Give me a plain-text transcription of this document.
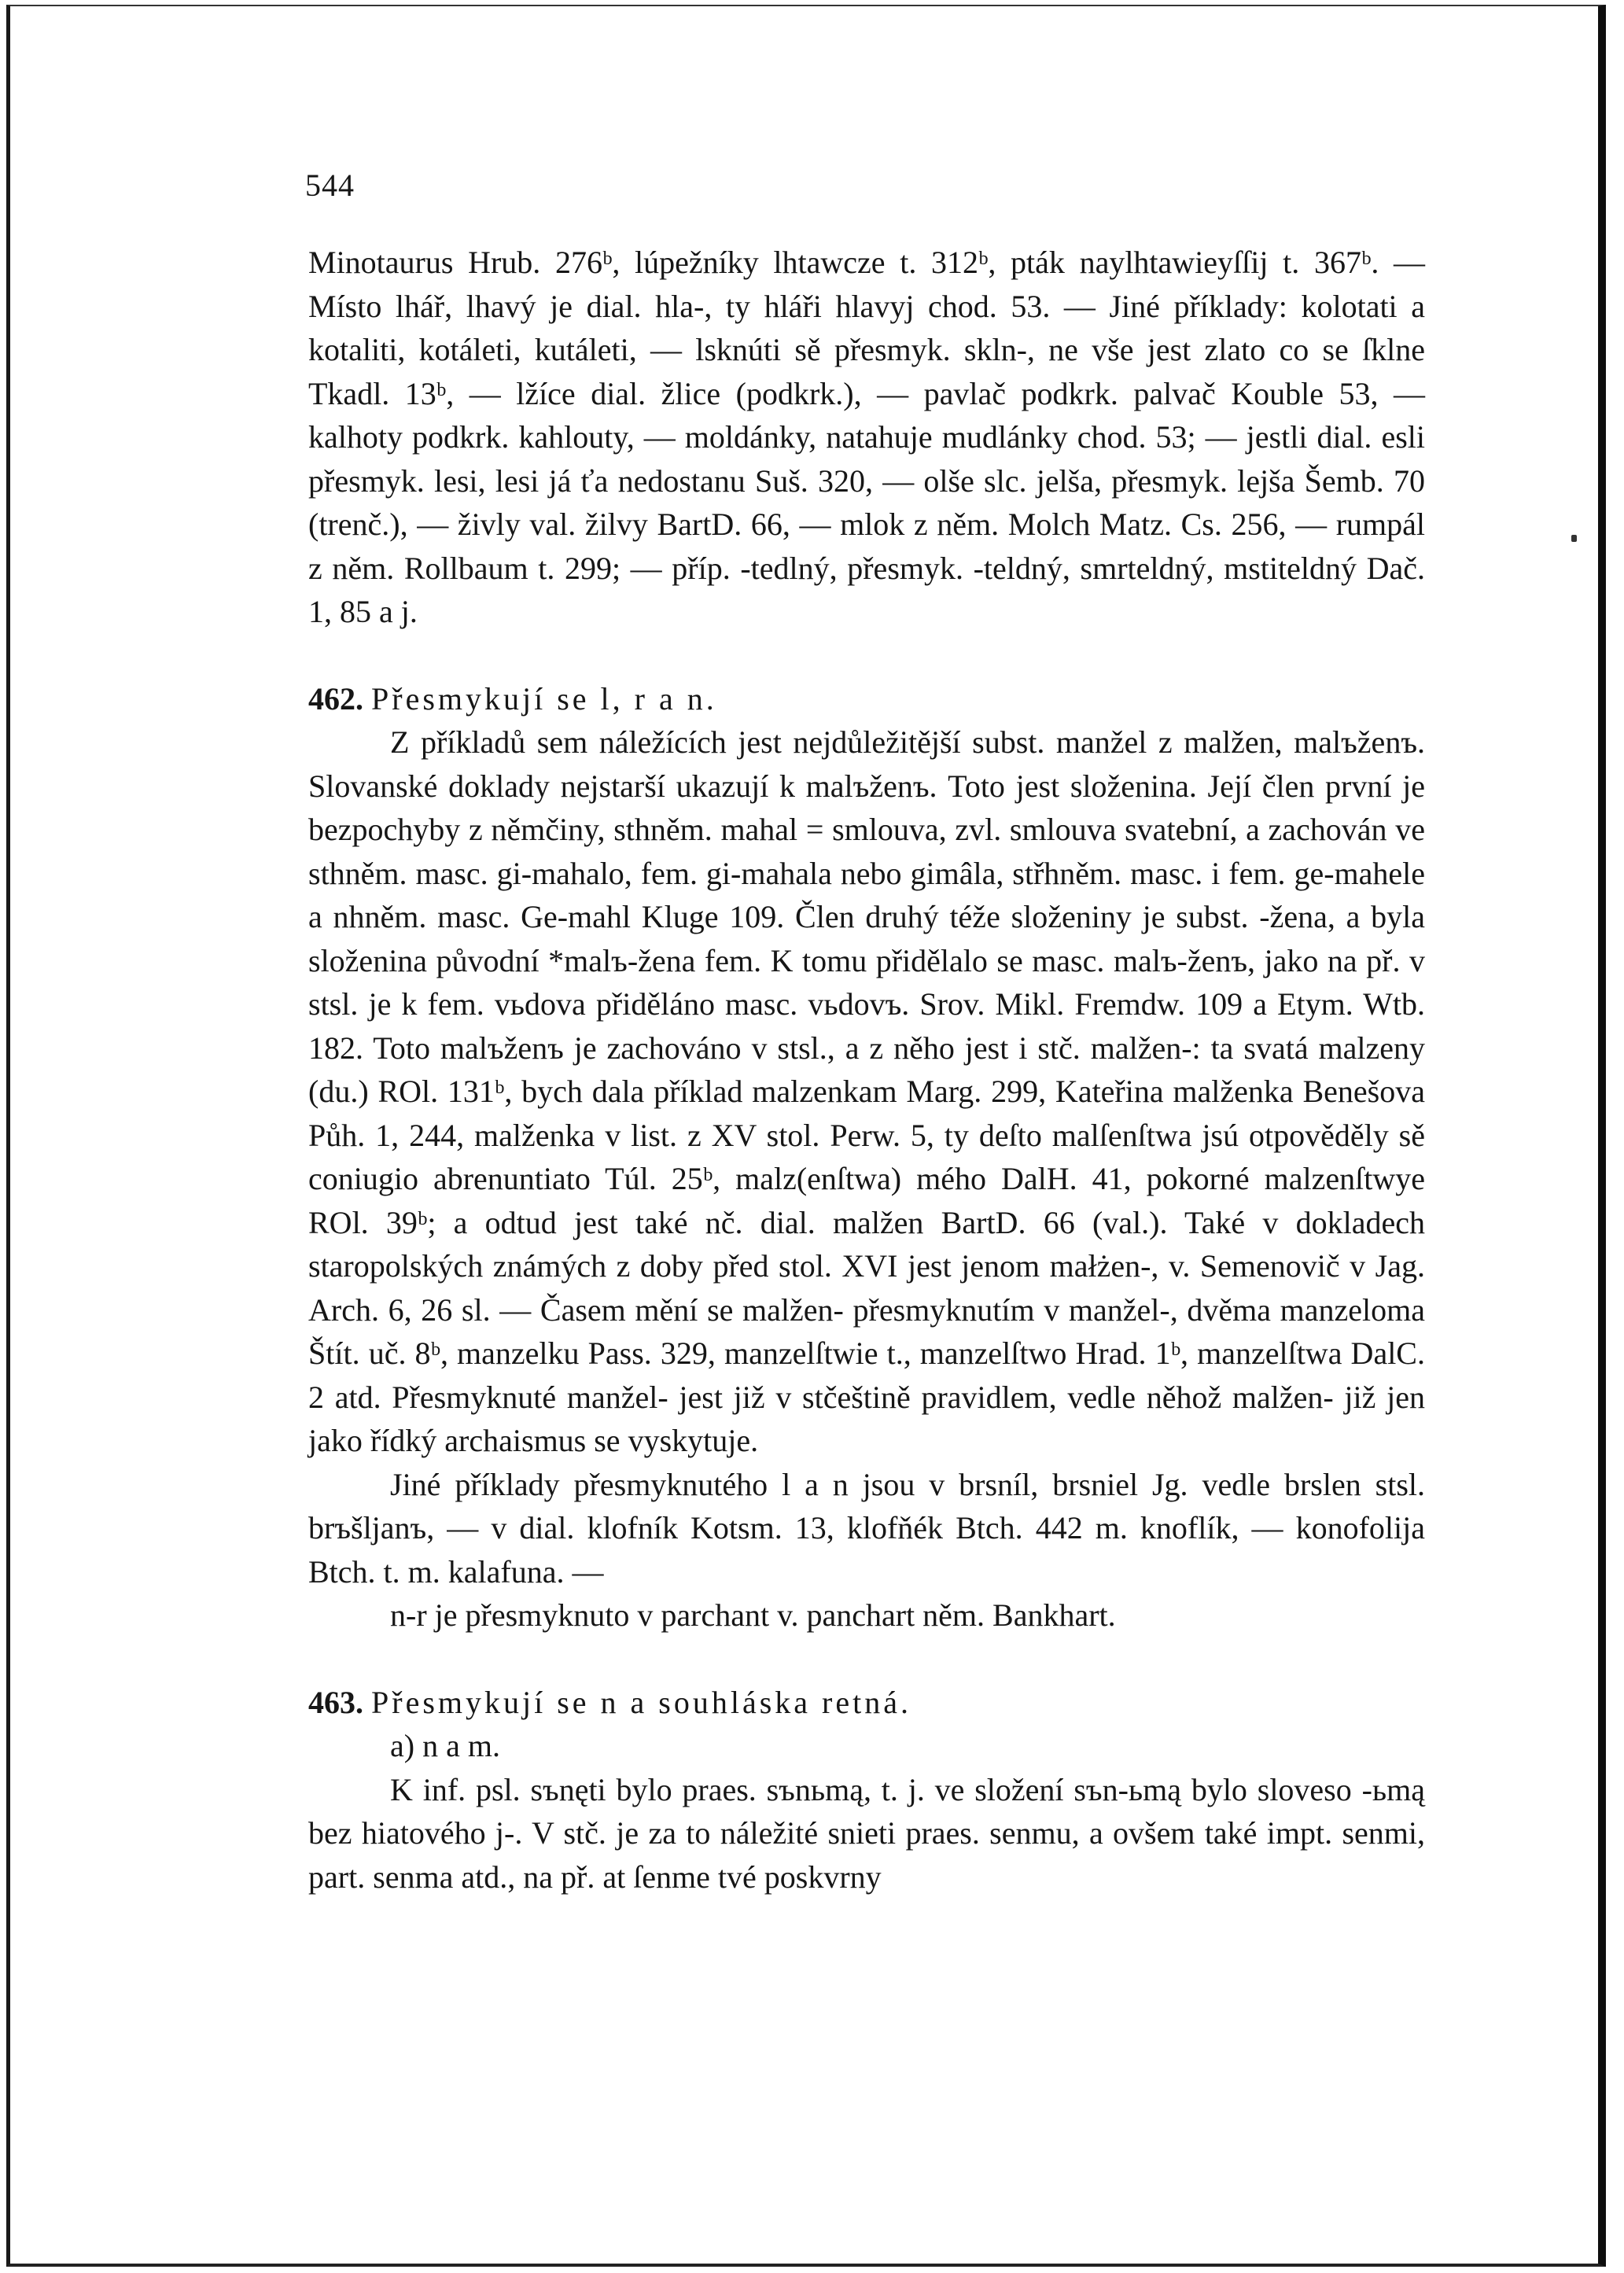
544

Minotaurus Hrub. 276ᵇ, lúpežníky lhtawcze t. 312ᵇ, pták naylhtawieyſſij t. 367ᵇ. — Místo lhář, lhavý je dial. hla-, ty hláři hlavyj chod. 53. — Jiné příklady: kolotati a kotaliti, kotáleti, kutáleti, — lsknúti sě přesmyk. skln-, ne vše jest zlato co se ſklne Tkadl. 13ᵇ, — lžíce dial. žlice (podkrk.), — pavlač podkrk. palvač Kouble 53, — kalhoty podkrk. kahlouty, — moldánky, natahuje mudlánky chod. 53; — jestli dial. esli přesmyk. lesi, lesi já ťa nedostanu Suš. 320, — olše slc. jelša, přesmyk. lejša Šemb. 70 (trenč.), — živly val. žilvy BartD. 66, — mlok z něm. Molch Matz. Cs. 256, — rumpál z něm. Rollbaum t. 299; — příp. -tedlný, přesmyk. -teldný, smrteldný, mstiteldný Dač. 1, 85 a j.

462. Přesmykují se l, r a n.

Z příkladů sem náležících jest nejdůležitější subst. manžel z malžen, malъženъ. Slovanské doklady nejstarší ukazují k malъženъ. Toto jest složenina. Její člen první je bezpochyby z němčiny, sthněm. mahal = smlouva, zvl. smlouva svatební, a zachován ve sthněm. masc. gi-mahalo, fem. gi-mahala nebo gimâla, střhněm. masc. i fem. ge-mahele a nhněm. masc. Ge-mahl Kluge 109. Člen druhý téže složeniny je subst. -žena, a byla složenina původní *malъ-žena fem. K tomu přidělalo se masc. malъ-ženъ, jako na př. v stsl. je k fem. vьdova přiděláno masc. vьdovъ. Srov. Mikl. Fremdw. 109 a Etym. Wtb. 182. Toto malъženъ je zachováno v stsl., a z něho jest i stč. malžen-: ta svatá malzeny (du.) ROl. 131ᵇ, bych dala příklad malzenkam Marg. 299, Kateřina malženka Benešova Půh. 1, 244, malženka v list. z XV stol. Perw. 5, ty deſto malſenſtwa jsú otpověděly sě coniugio abrenuntiato Túl. 25ᵇ, malz(enſtwa) mého DalH. 41, pokorné malzenſtwye ROl. 39ᵇ; a odtud jest také nč. dial. malžen BartD. 66 (val.). Také v dokladech staropolských známých z doby před stol. XVI jest jenom małżen-, v. Semenovič v Jag. Arch. 6, 26 sl. — Časem mění se malžen- přesmyknutím v manžel-, dvěma manzeloma Štít. uč. 8ᵇ, manzelku Pass. 329, manzelſtwie t., manzelſtwo Hrad. 1ᵇ, manzelſtwa DalC. 2 atd. Přesmyknuté manžel- jest již v stčeštině pravidlem, vedle něhož malžen- již jen jako řídký archaismus se vyskytuje.

Jiné příklady přesmyknutého l a n jsou v brsníl, brsniel Jg. vedle brslen stsl. brъšljanъ, — v dial. klofník Kotsm. 13, klofňék Btch. 442 m. knoflík, — konofolija Btch. t. m. kalafuna. —

n-r je přesmyknuto v parchant v. panchart něm. Bankhart.

463. Přesmykují se n a souhláska retná.

a) n a m.

K inf. psl. sъnęti bylo praes. sъnьmą, t. j. ve složení sъn-ьmą bylo sloveso -ьmą bez hiatového j-. V stč. je za to náležité snieti praes. senmu, a ovšem také impt. senmi, part. senma atd., na př. at ſenme tvé poskvrny
